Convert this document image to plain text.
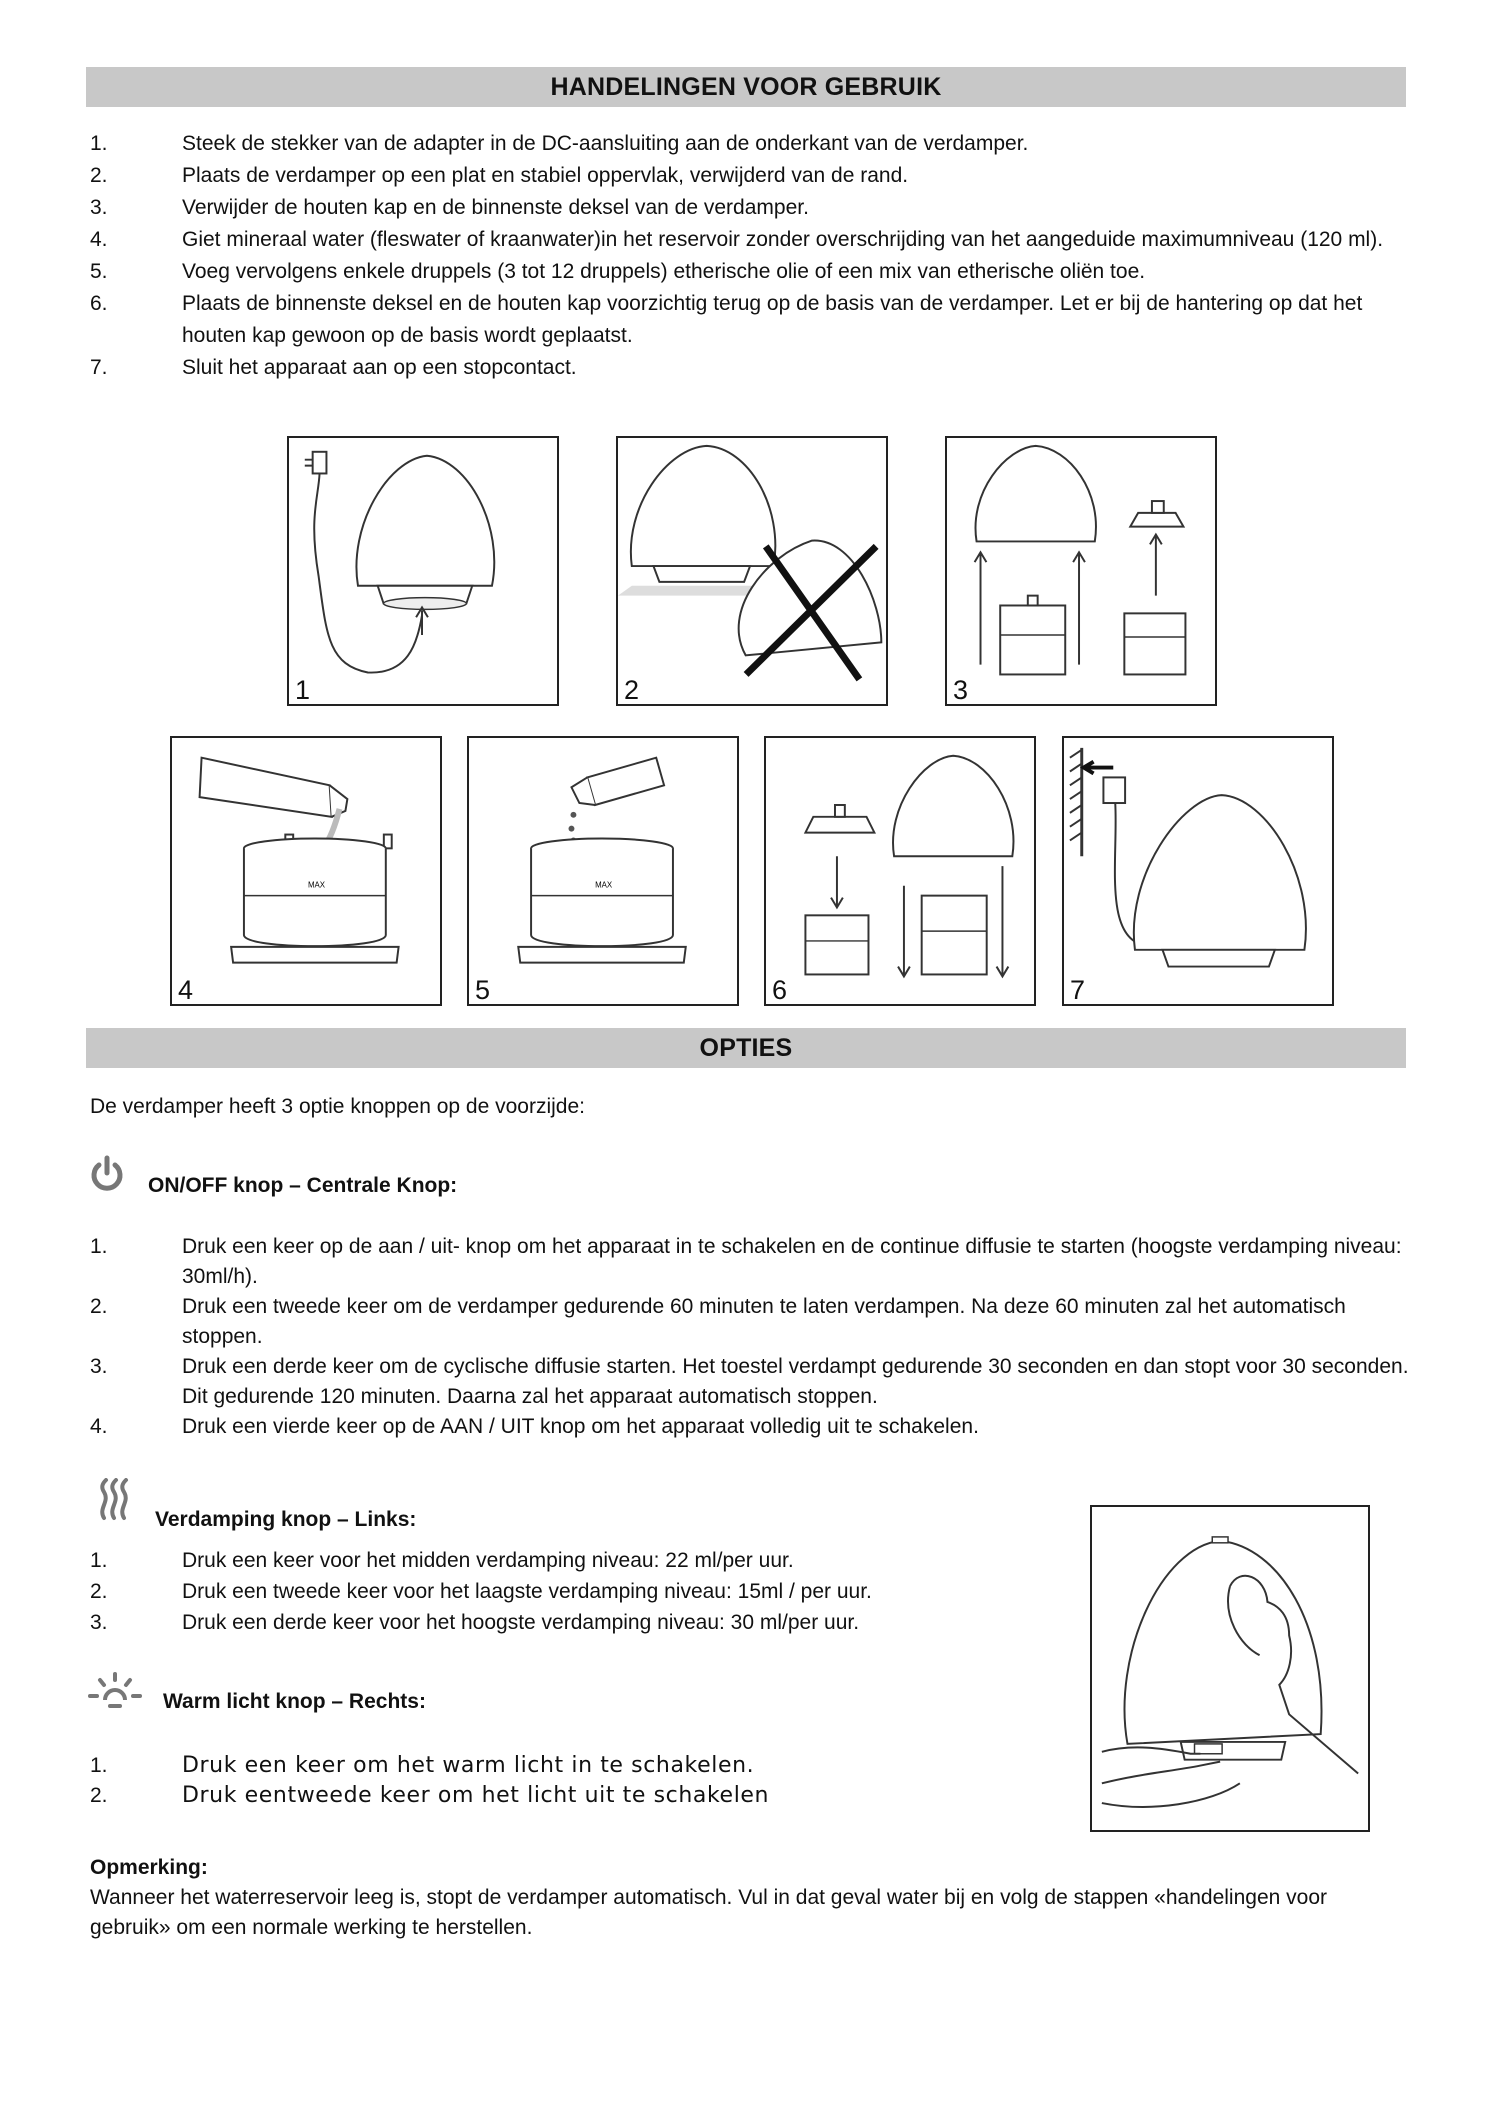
HANDELINGEN VOOR GEBRUIK
1.	Steek de stekker van de adapter in de DC-aansluiting aan de onderkant van de verdamper.
2.	Plaats de verdamper op een plat en stabiel oppervlak, verwijderd van de rand.
3.	Verwijder de houten kap en de binnenste deksel van de verdamper.
4.	Giet mineraal water (fleswater of kraanwater)in het reservoir zonder overschrijding van het aangeduide maximumniveau (120 ml).
5.	Voeg vervolgens enkele druppels (3 tot 12 druppels) etherische olie of een mix van etherische oliën toe.
6.	Plaats de binnenste deksel en de houten kap voorzichtig terug op de basis van de verdamper. Let er bij de hantering op dat het houten kap gewoon op de basis wordt geplaatst.
7.	Sluit het apparaat aan op een stopcontact.
1	2	3
MAX
4
MAX
5	6	7
OPTIES
De verdamper heeft 3 optie knoppen op de voorzijde:
ON/OFF knop – Centrale Knop:
1.	Druk een keer op de aan / uit- knop om het apparaat in te schakelen en de continue diffusie te starten (hoogste verdamping niveau: 30ml/h).
2.	Druk een tweede keer om de verdamper gedurende 60 minuten te laten verdampen. Na deze 60 minuten zal het automatisch stoppen.
3.	Druk een derde keer om de cyclische diffusie starten. Het toestel verdampt gedurende 30 seconden en dan stopt voor 30 seconden. Dit gedurende 120 minuten. Daarna zal het apparaat automatisch stoppen.
4.	Druk een vierde keer op de AAN / UIT knop om het apparaat volledig uit te schakelen.
Verdamping knop – Links:
1.	Druk een keer voor het midden verdamping niveau: 22 ml/per uur.
2.	Druk een tweede keer voor het laagste verdamping niveau: 15ml / per uur.
3.	Druk een derde keer voor het hoogste verdamping niveau: 30 ml/per uur.
Warm licht knop – Rechts:
1.	Druk een keer om het warm licht in te schakelen.
2.	Druk eentweede keer om het licht uit te schakelen
Opmerking:
Wanneer het waterreservoir leeg is, stopt de verdamper automatisch. Vul in dat geval water bij en volg de stappen «handelingen voor gebruik» om een normale werking te herstellen.
